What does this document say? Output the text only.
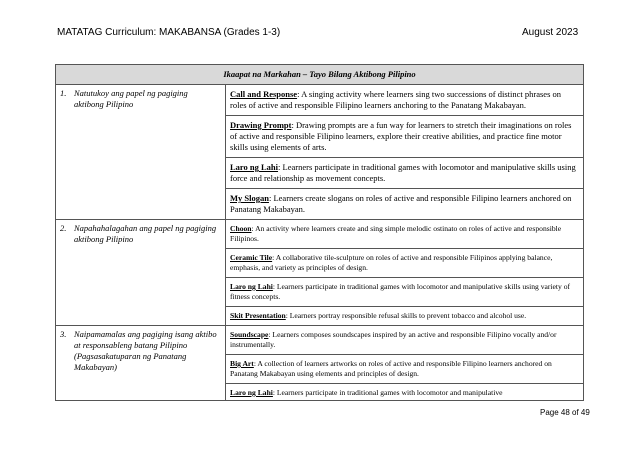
MATATAG Curriculum: MAKABANSA (Grades 1-3)	August 2023
Ikaapat na Markahan – Tayo Bilang Aktibong Pilipino	
1. Natutukoy ang papel ng pagiging aktibong Pilipino	Call and Response: A singing activity where learners sing two successions of distinct phrases on roles of active and responsible Filipino learners anchoring to the Panatang Makabayan.
	Drawing Prompt: Drawing prompts are a fun way for learners to stretch their imaginations on roles of active and responsible Filipino learners, explore their creative abilities, and practice fine motor skills using elements of arts.
	Laro ng Lahi: Learners participate in traditional games with locomotor and manipulative skills using force and relationship as movement concepts.
	My Slogan: Learners create slogans on roles of active and responsible Filipino learners anchored on Panatang Makabayan.
2. Napahahalagahan ang papel ng pagiging aktibong Pilipino	Choon: An activity where learners create and sing simple melodic ostinato on roles of active and responsible Filipinos.
	Ceramic Tile: A collaborative tile-sculpture on roles of active and responsible Filipinos applying balance, emphasis, and variety as principles of design.
	Laro ng Lahi: Learners participate in traditional games with locomotor and manipulative skills using variety of fitness concepts.
	Skit Presentation: Learners portray responsible refusal skills to prevent tobacco and alcohol use.
3. Naipamamalas ang pagiging isang aktibo at responsableng batang Pilipino (Pagsasakatuparan ng Panatang Makabayan)	Soundscape: Learners composes soundscapes inspired by an active and responsible Filipino vocally and/or instrumentally.
	Big Art: A collection of learners artworks on roles of active and responsible Filipino learners anchored on Panatang Makabayan using elements and principles of design.
	Laro ng Lahi: Learners participate in traditional games with locomotor and manipulative
Page 48 of 49
